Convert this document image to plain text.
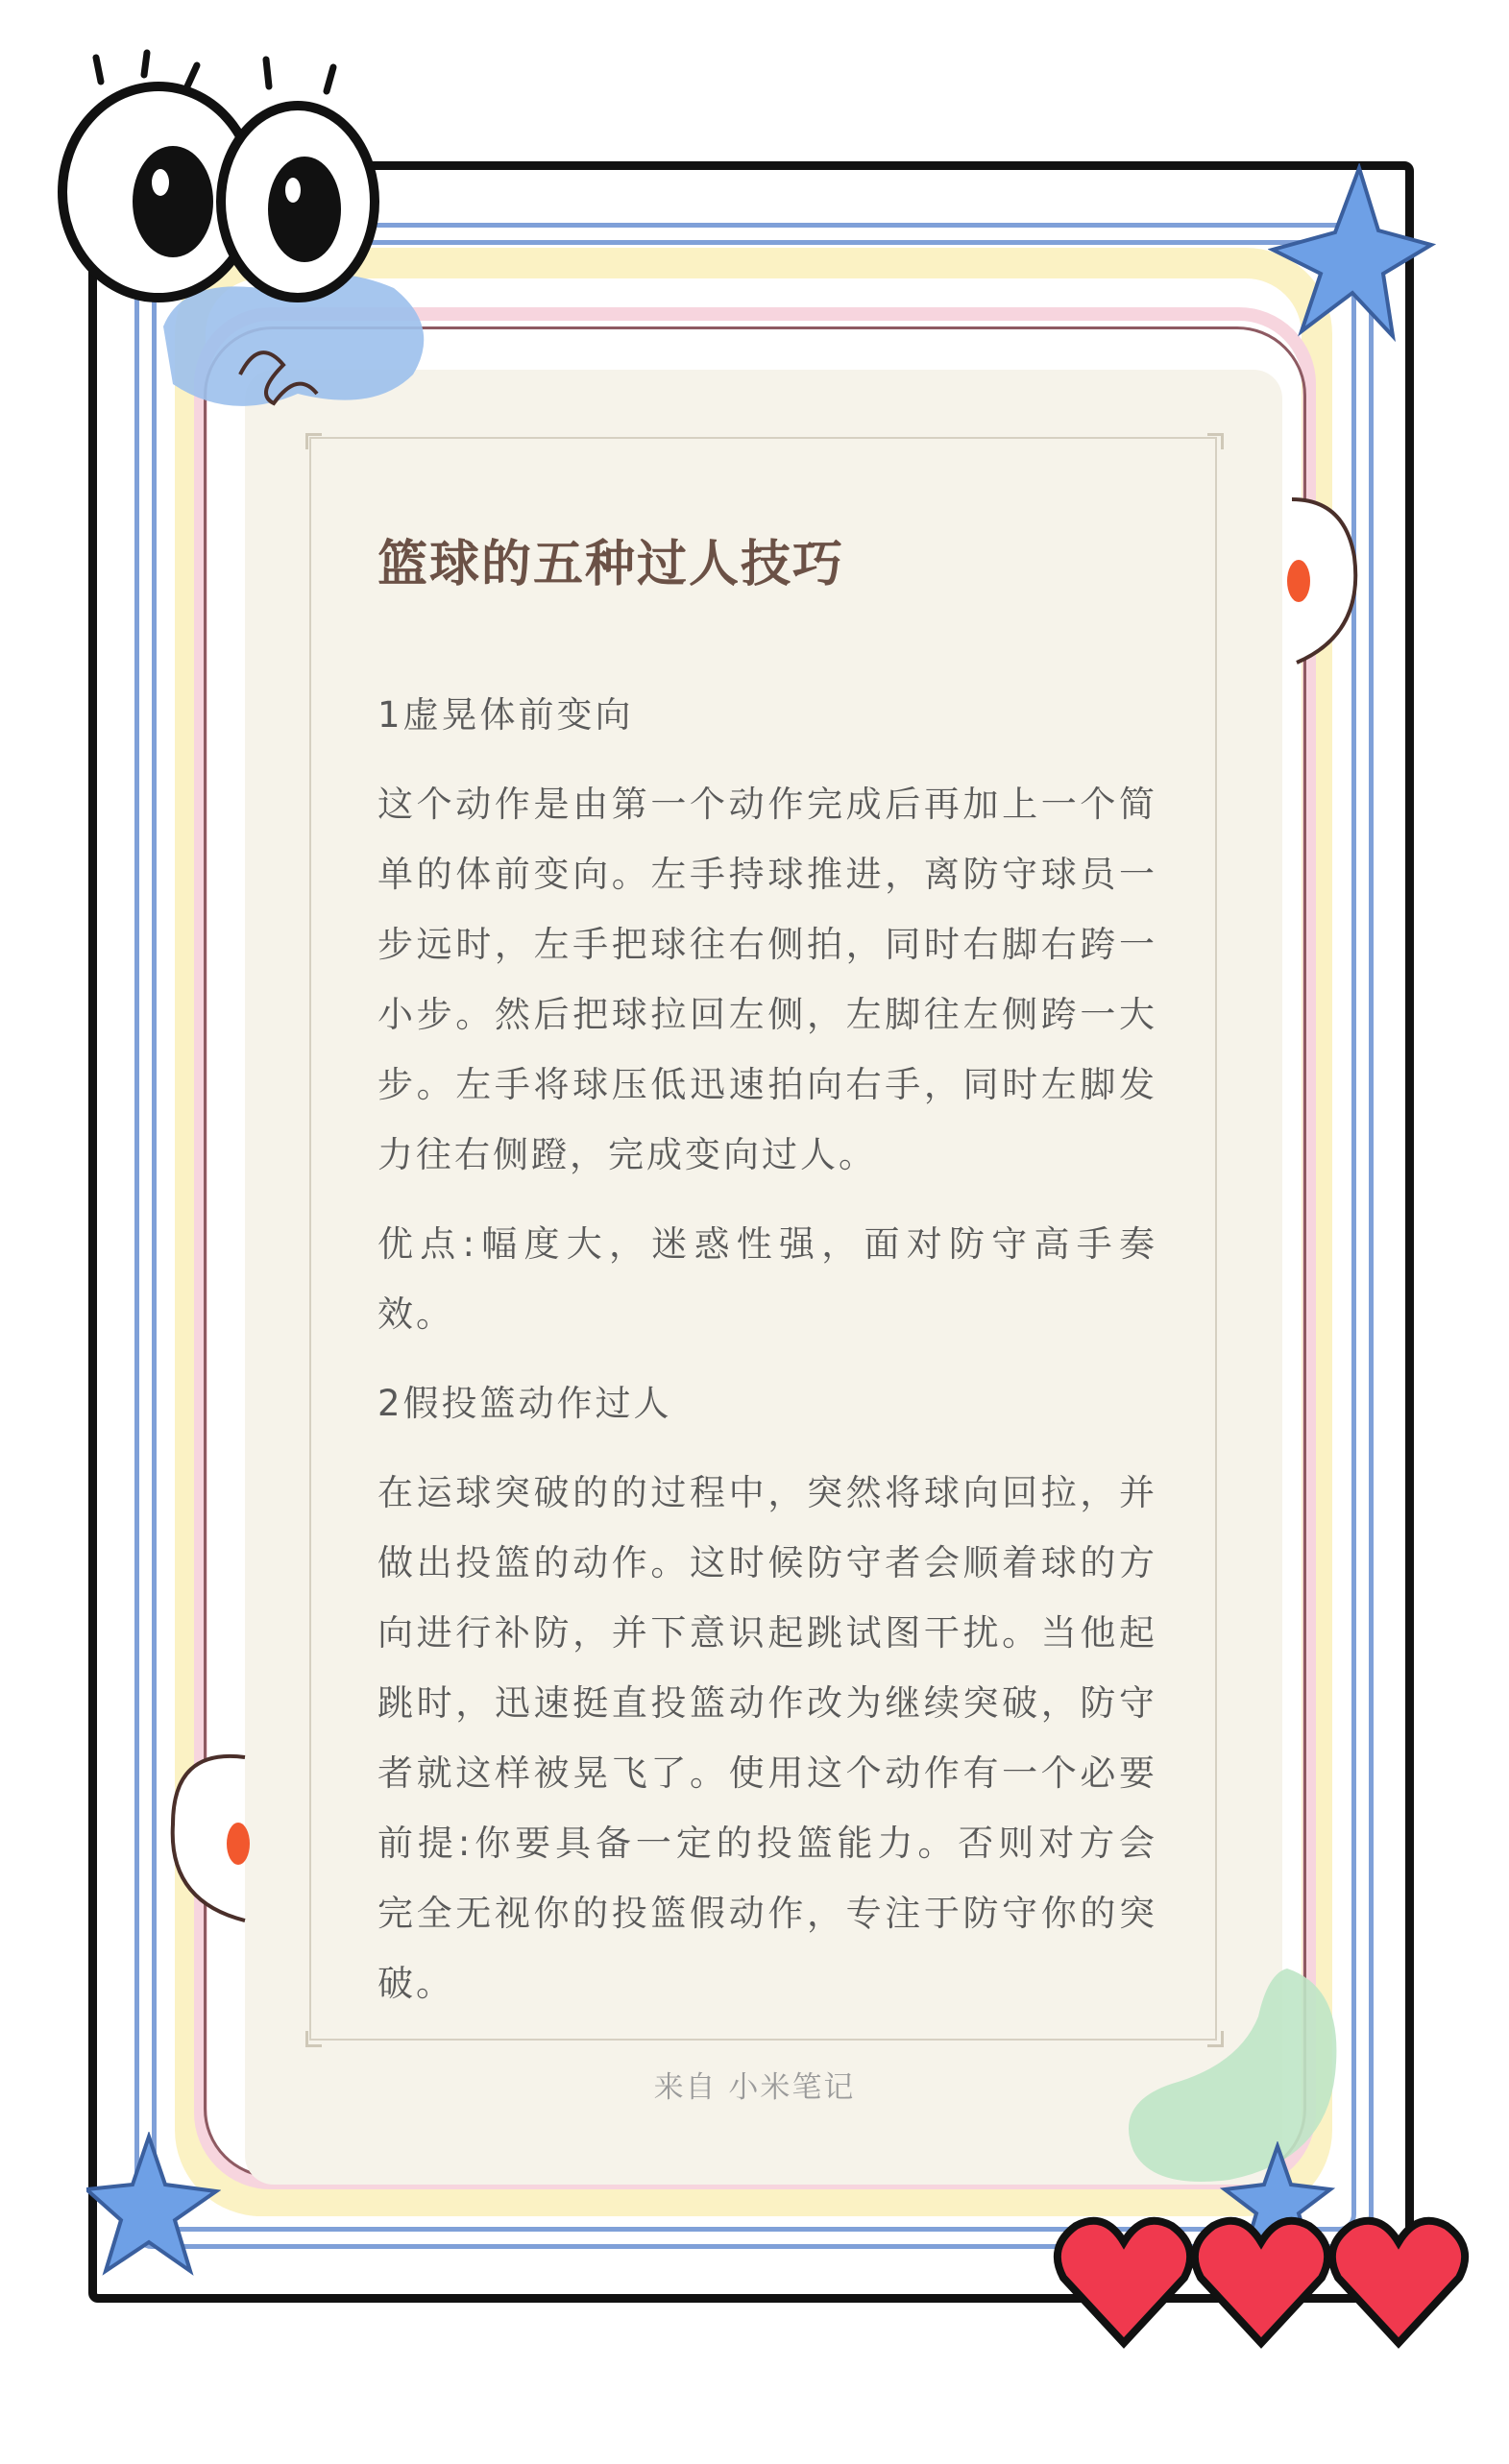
篮球的五种过人技巧

1虚晃体前变向

这个动作是由第一个动作完成后再加上一个简单的体前变向。左手持球推进，离防守球员一步远时，左手把球往右侧拍，同时右脚右跨一小步。然后把球拉回左侧，左脚往左侧跨一大步。左手将球压低迅速拍向右手，同时左脚发力往右侧蹬，完成变向过人。

优点:幅度大，迷惑性强，面对防守高手奏效。

2假投篮动作过人

在运球突破的的过程中，突然将球向回拉，并做出投篮的动作。这时候防守者会顺着球的方向进行补防，并下意识起跳试图干扰。当他起跳时，迅速挺直投篮动作改为继续突破，防守者就这样被晃飞了。使用这个动作有一个必要前提:你要具备一定的投篮能力。否则对方会完全无视你的投篮假动作，专注于防守你的突破。

来自 小米笔记
